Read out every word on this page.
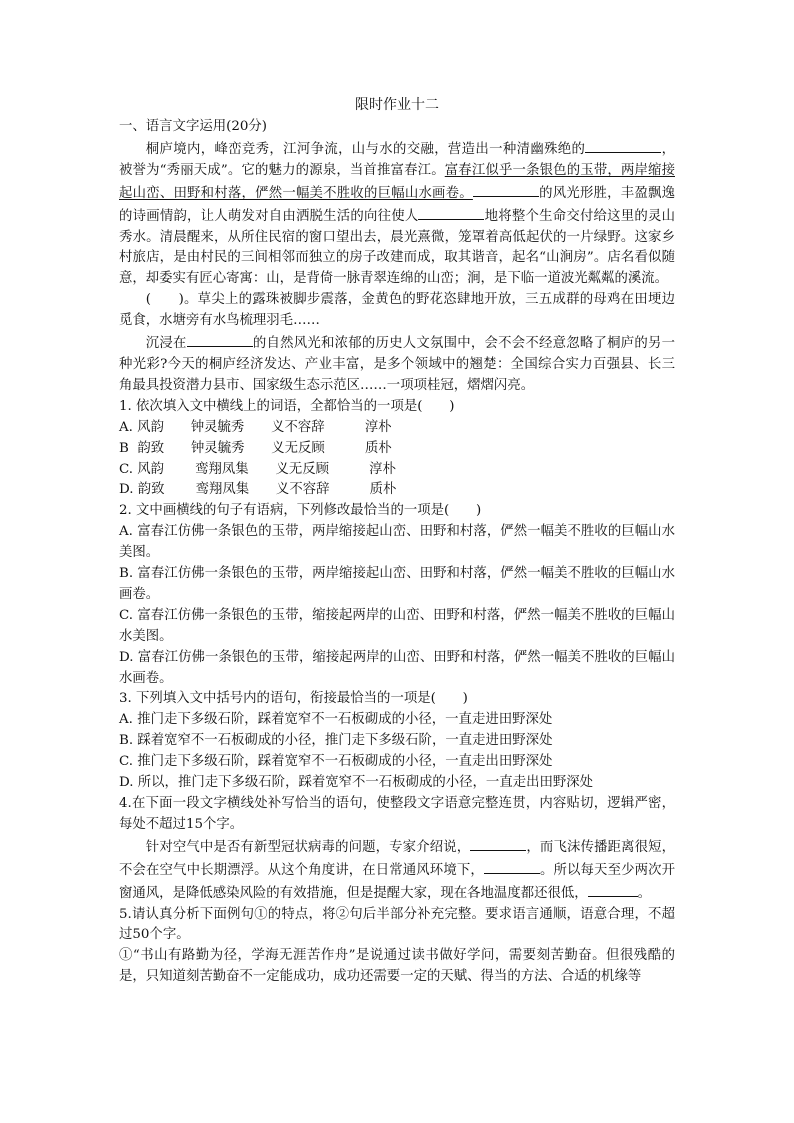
限时作业十二
一、语言文字运用(20分)

桐庐境内，峰峦竞秀，江河争流，山与水的交融，营造出一种清幽殊绝的	，被誉为“秀丽天成”。它的魅力的源泉，当首推富春江。富春江似乎一条银色的玉带，两岸缩接起山峦、田野和村落，俨然一幅美不胜收的巨幅山水画卷。	的风光形胜，丰盈飘逸的诗画情韵，让人萌发对自由洒脱生活的向往使人	地将整个生命交付给这里的灵山秀水。清晨醒来，从所住民宿的窗口望出去，晨光熹微，笼罩着高低起伏的一片绿野。这家乡村旅店，是由村民的三间相邻而独立的房子改建而成，取其谐音，起名“山涧房”。店名看似随意，却委实有匠心寄寓：山，是背倚一脉青翠连绵的山峦；涧，是下临一道波光粼粼的溪流。

(　　)。草尖上的露珠被脚步震落，金黄色的野花恣肆地开放，三五成群的母鸡在田埂边觅食，水塘旁有水鸟梳理羽毛……

沉浸在	的自然风光和浓郁的历史人文氛围中，会不会不经意忽略了桐庐的另一种光彩?今天的桐庐经济发达、产业丰富，是多个领域中的翘楚：全国综合实力百强县、长三角最具投资潜力县市、国家级生态示范区……一项项桂冠，熠熠闪亮。

1. 依次填入文中横线上的词语，全都恰当的一项是(　　)

A. 风韵　　钟灵毓秀　　义不容辞　　　淳朴

B  韵致　　钟灵毓秀　　义无反顾　　　质朴

C. 风韵　　 鸾翔凤集　　义无反顾　　　淳朴

D. 韵致　　 鸾翔凤集　　义不容辞　　　质朴

2. 文中画横线的句子有语病，下列修改最恰当的一项是(　　)

A. 富春江仿佛一条银色的玉带，两岸缩接起山峦、田野和村落，俨然一幅美不胜收的巨幅山水美图。

B. 富春江仿佛一条银色的玉带，两岸缩接起山峦、田野和村落，俨然一幅美不胜收的巨幅山水画卷。

C. 富春江仿佛一条银色的玉带，缩接起两岸的山峦、田野和村落，俨然一幅美不胜收的巨幅山水美图。

D. 富春江仿佛一条银色的玉带，缩接起两岸的山峦、田野和村落，俨然一幅美不胜收的巨幅山水画卷。

3. 下列填入文中括号内的语句，衔接最恰当的一项是(　　)

A. 推门走下多级石阶，踩着宽窄不一石板砌成的小径，一直走进田野深处

B. 踩着宽窄不一石板砌成的小径，推门走下多级石阶，一直走进田野深处

C. 推门走下多级石阶，踩着宽窄不一石板砌成的小径，一直走出田野深处

D. 所以，推门走下多级石阶，踩着宽窄不一石板砌成的小径，一直走出田野深处

4.在下面一段文字横线处补写恰当的语句，使整段文字语意完整连贯，内容贴切，逻辑严密，每处不超过15个字。

针对空气中是否有新型冠状病毒的问题，专家介绍说，	，而飞沫传播距离很短，不会在空气中长期漂浮。从这个角度讲，在日常通风环境下，	。所以每天至少两次开窗通风，是降低感染风险的有效措施，但是提醒大家，现在各地温度都还很低，	。

5.请认真分析下面例句①的特点，将②句后半部分补充完整。要求语言通顺，语意合理，不超过50个字。

①“书山有路勤为径，学海无涯苦作舟”是说通过读书做好学问，需要刻苦勤奋。但很残酷的是，只知道刻苦勤奋不一定能成功，成功还需要一定的天赋、得当的方法、合适的机缘等
